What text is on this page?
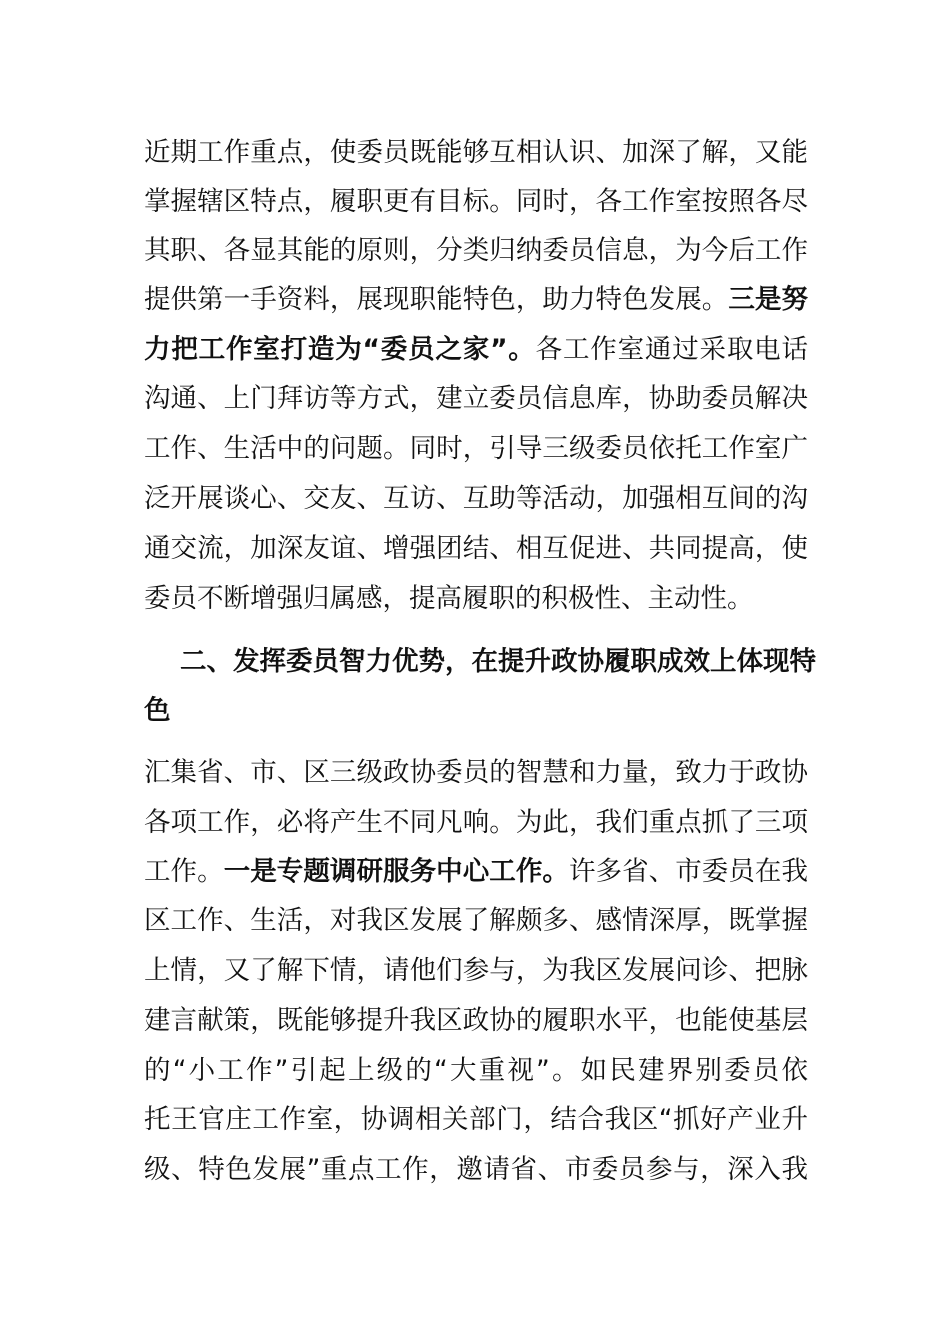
近期工作重点，使委员既能够互相认识、加深了解，又能
掌握辖区特点，履职更有目标。同时，各工作室按照各尽
其职、各显其能的原则，分类归纳委员信息，为今后工作
提供第一手资料，展现职能特色，助力特色发展。三是努
力把工作室打造为“委员之家”。各工作室通过采取电话
沟通、上门拜访等方式，建立委员信息库，协助委员解决
工作、生活中的问题。同时，引导三级委员依托工作室广
泛开展谈心、交友、互访、互助等活动，加强相互间的沟
通交流，加深友谊、增强团结、相互促进、共同提高，使
委员不断增强归属感，提高履职的积极性、主动性。
二、发挥委员智力优势，在提升政协履职成效上体现特
色
汇集省、市、区三级政协委员的智慧和力量，致力于政协
各项工作，必将产生不同凡响。为此，我们重点抓了三项
工作。一是专题调研服务中心工作。许多省、市委员在我
区工作、生活，对我区发展了解颇多、感情深厚，既掌握
上情，又了解下情，请他们参与，为我区发展问诊、把脉
建言献策，既能够提升我区政协的履职水平，也能使基层
的“小工作”引起上级的“大重视”。如民建界别委员依
托王官庄工作室，协调相关部门，结合我区“抓好产业升
级、特色发展”重点工作，邀请省、市委员参与，深入我
